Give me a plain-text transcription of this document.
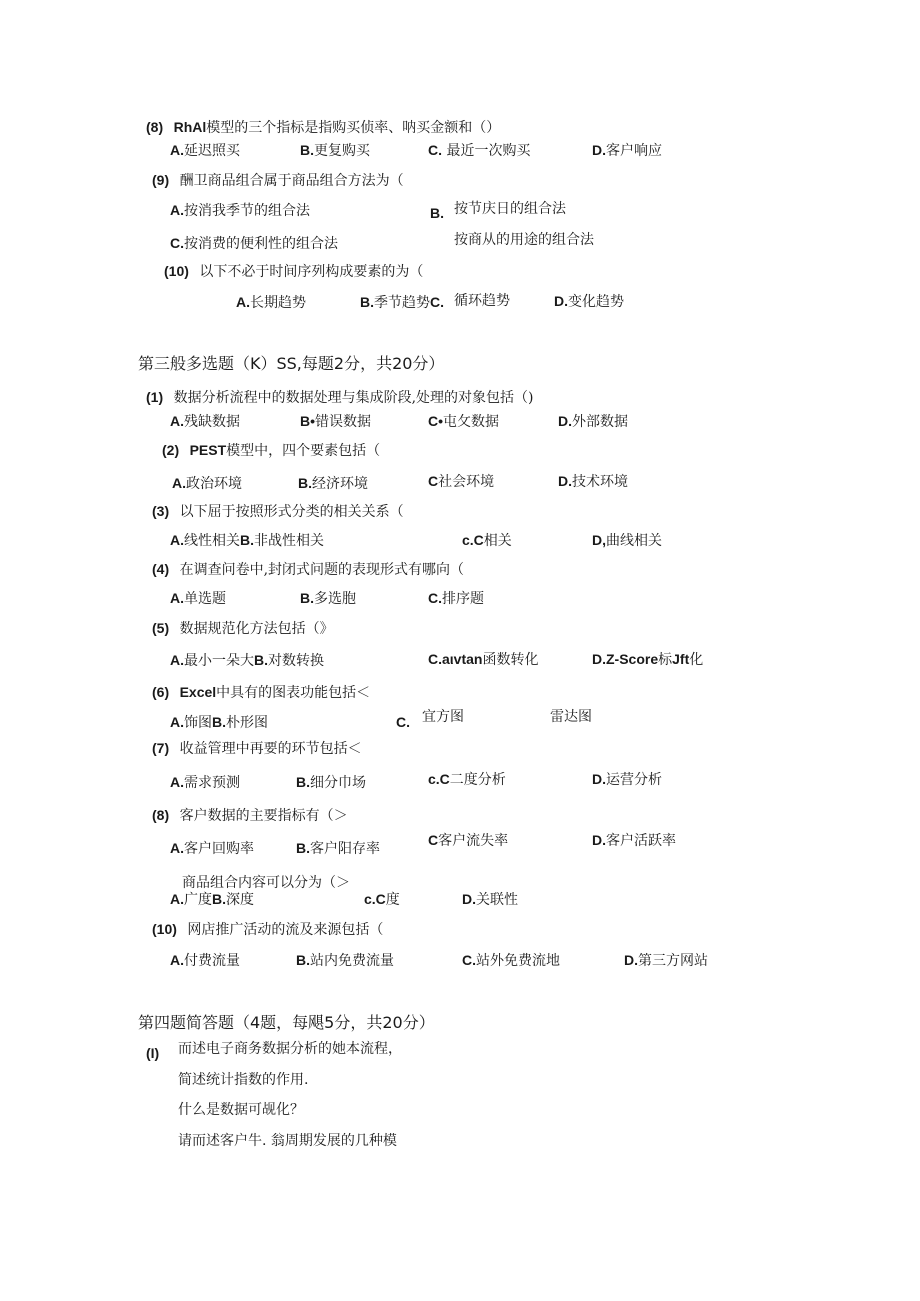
(8) RhAl模型的三个指标是指购买侦率、呐买金额和（）
A.延迟照买	B.更复购买	C. 最近一次购买	D.客户响应
(9) 酬卫商品组合属于商品组合方法为（
A.按消我季节的组合法	B. 按节庆日的组合法
C.按消费的便利性的组合法	按商从的用途的组合法
(10) 以下不必于时间序列构成要素的为（
A.长期趋势	B.季节趋势C. 循环趋势	D.变化趋势
第三般多选题（K）SS,每题2分，共20分）
(1) 数据分析流程中的数据处理与集成阶段,处理的对象包括（)
A.残缺数据	B•错误数据	C•屯攵数据	D.外部数据
(2) PEST模型中，四个要素包括（
A.政治环境	B.经济环境	C社会环境	D.技术环境
(3) 以下屈于按照形式分类的相关关系（
A.线性相关B.非战性相关	c.C相关	D,曲线相关
(4) 在调查问卷中,封闭式问题的表现形式有哪向（
A.单选题	B.多选胞	C.排序题
(5) 数据规范化方法包括（》
A.最小一朵大B.对数转换	C.aιvtan函数转化	D.Z-Score标Jft化
(6) Excel中具有的图表功能包括＜
A.饰图B.朴形图	C. 宜方图	雷达图
(7) 收益管理中再要的环节包括＜
A.需求预测	B.细分巾场	c.C二度分析	D.运营分析
(8) 客户数据的主要指标有（＞
A.客户回购率	B.客户阳存率
C客户流失率	D.客户活跃率
商品组合内容可以分为（＞
A.广度B.深度	c.C度	D.关联性
(10) 网店推广活动的流及来源包括（
A.付费流量	B.站内免费流量	C.站外免费流地	D.第三方网站
第四题简答题（4题，每飓5分，共20分）
(I) 而述电子商务数据分析的她本流程，
简述统计指数的作用.
什么是数据可觇化？
请而述客户牛. 翁周期发展的几种模
